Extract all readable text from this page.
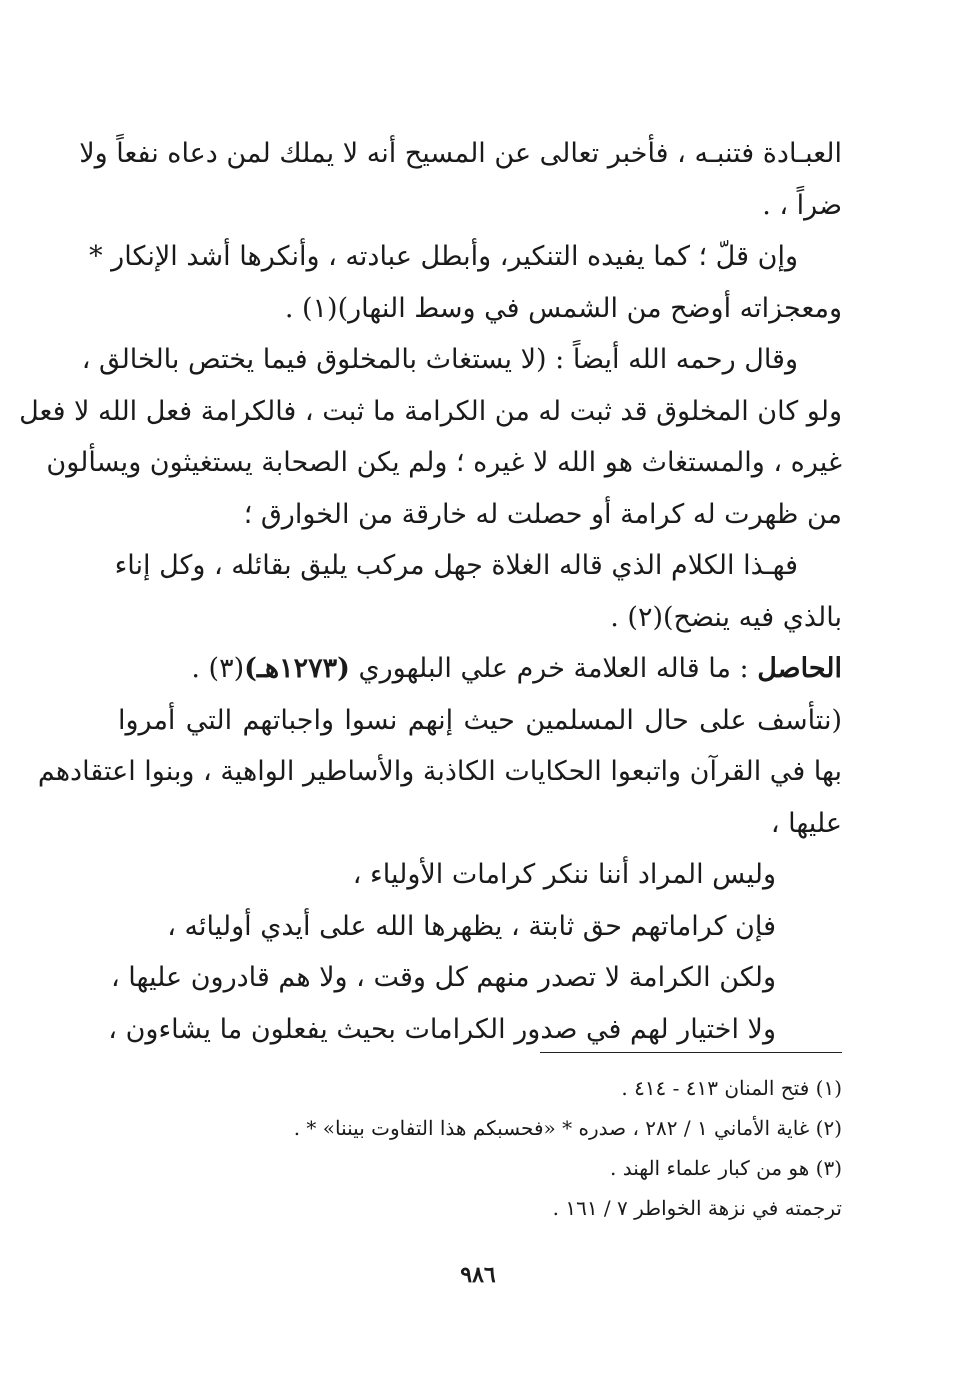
العبـادة فتنبـه ، فأخبر تعالى عن المسيح أنه لا يملك لمن دعاه نفعاً ولا
ضراً ، .
وإن قلّ ؛ كما يفيده التنكير، وأبطل عبادته ، وأنكرها أشد الإنكار *
ومعجزاته أوضح من الشمس في وسط النهار)(١) .
وقال رحمه الله أيضاً : (لا يستغاث بالمخلوق فيما يختص بالخالق ،
ولو كان المخلوق قد ثبت له من الكرامة ما ثبت ، فالكرامة فعل الله لا فعل
غيره ، والمستغاث هو الله لا غيره ؛ ولم يكن الصحابة يستغيثون ويسألون
من ظهرت له كرامة أو حصلت له خارقة من الخوارق ؛
فهـذا الكلام الذي قاله الغلاة جهل مركب يليق بقائله ، وكل إناء
بالذي فيه ينضح)(٢) .
الحاصل : ما قاله العلامة خرم علي البلهوري (١٢٧٣هـ)(٣) .
(نتأسف على حال المسلمين حيث إنهم نسوا واجباتهم التي أمروا
بها في القرآن واتبعوا الحكايات الكاذبة والأساطير الواهية ، وبنوا اعتقادهم
عليها ،
وليس المراد أننا ننكر كرامات الأولياء ،
فإن كراماتهم حق ثابتة ، يظهرها الله على أيدي أوليائه ،
ولكن الكرامة لا تصدر منهم كل وقت ، ولا هم قادرون عليها ،
ولا اختيار لهم في صدور الكرامات بحيث يفعلون ما يشاءون ،
(١) فتح المنان ٤١٣ - ٤١٤ .
(٢) غاية الأماني ١ / ٢٨٢ ، صدره * «فحسبكم هذا التفاوت بيننا» * .
(٣) هو من كبار علماء الهند .
ترجمته في نزهة الخواطر ٧ / ١٦١ .
٩٨٦
